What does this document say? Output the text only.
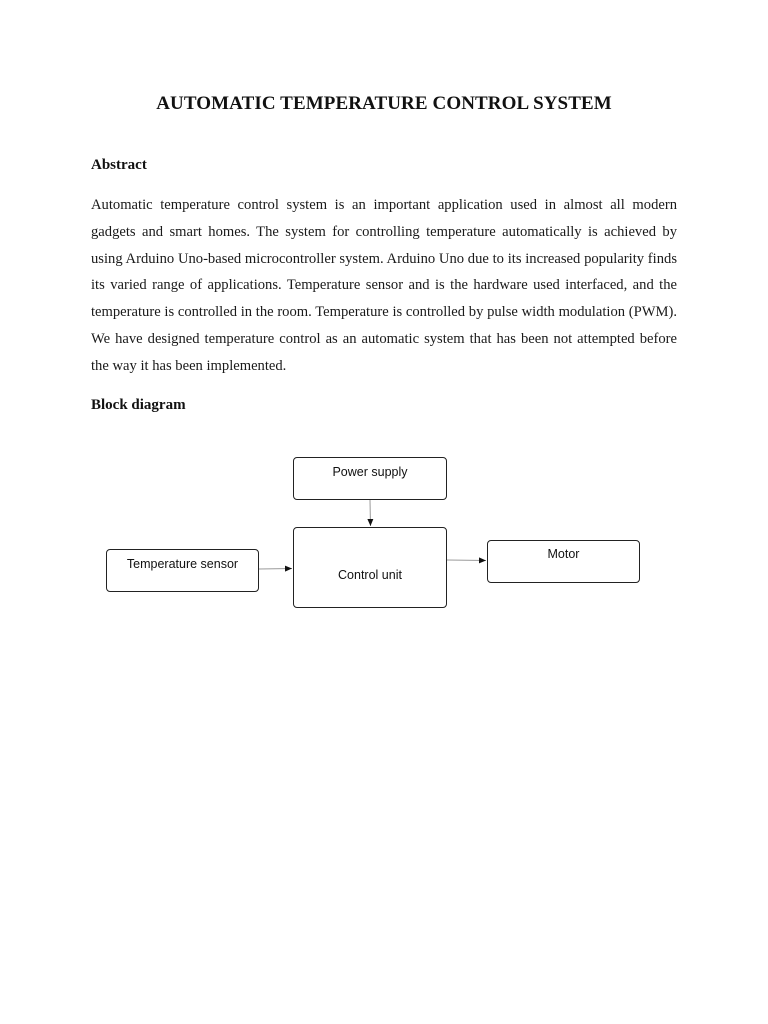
AUTOMATIC TEMPERATURE CONTROL SYSTEM
Abstract

Automatic temperature control system is an important application used in almost all modern gadgets and smart homes. The system for controlling temperature automatically is achieved by using Arduino Uno-based microcontroller system. Arduino Uno due to its increased popularity finds its varied range of applications. Temperature sensor and is the hardware used interfaced, and the temperature is controlled in the room. Temperature is controlled by pulse width modulation (PWM). We have designed temperature control as an automatic system that has been not attempted before the way it has been implemented.

Block diagram
Power supply
Control unit
Temperature sensor
Motor
